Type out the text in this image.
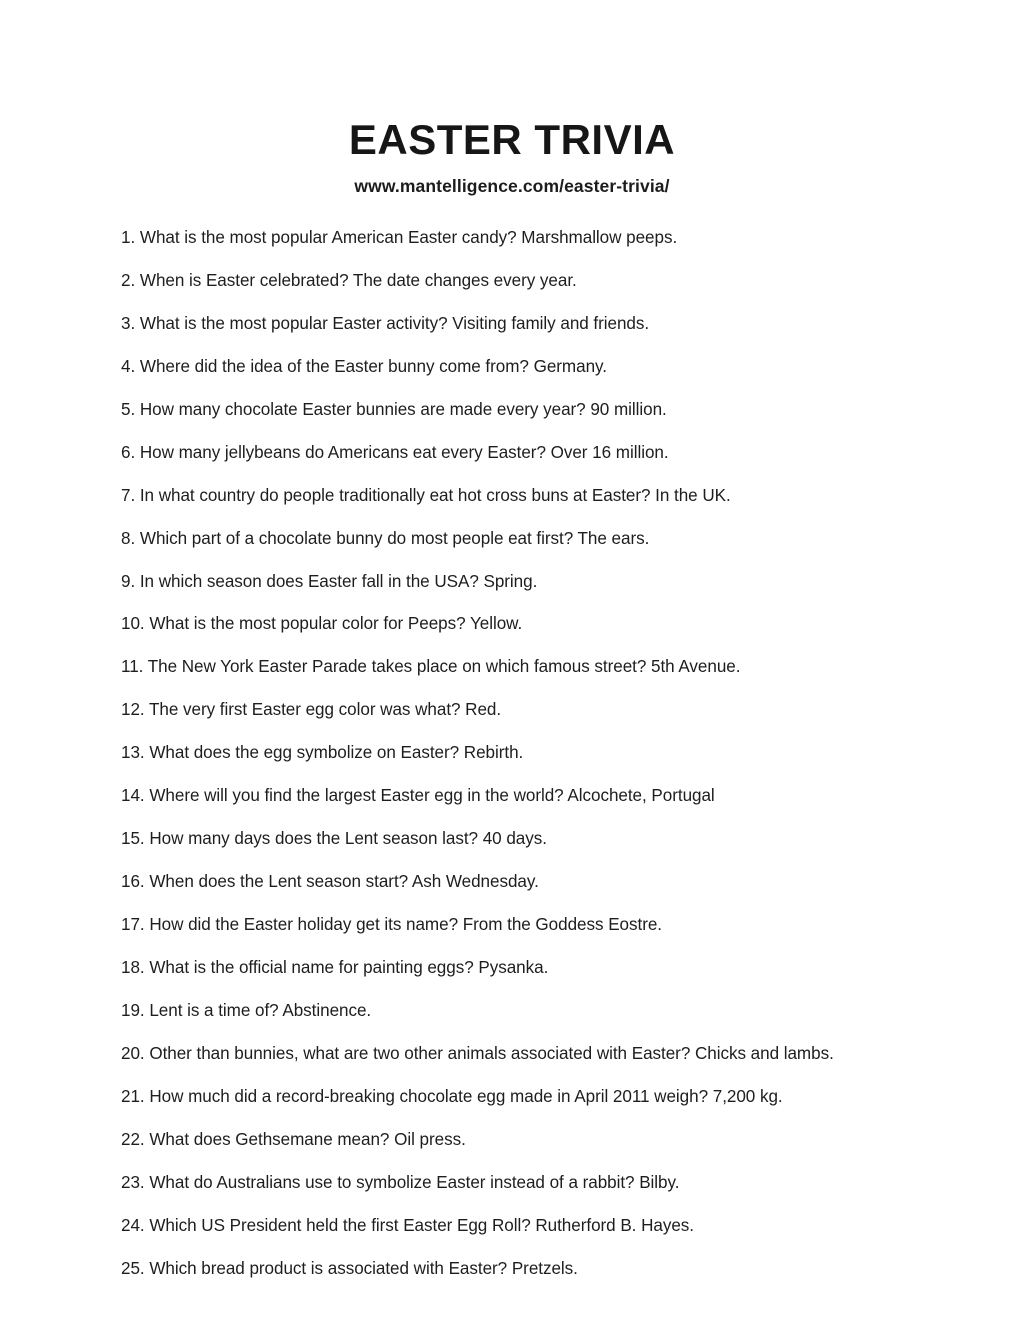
EASTER TRIVIA
www.mantelligence.com/easter-trivia/
1. What is the most popular American Easter candy? Marshmallow peeps.
2. When is Easter celebrated? The date changes every year.
3. What is the most popular Easter activity? Visiting family and friends.
4. Where did the idea of the Easter bunny come from? Germany.
5. How many chocolate Easter bunnies are made every year? 90 million.
6. How many jellybeans do Americans eat every Easter? Over 16 million.
7. In what country do people traditionally eat hot cross buns at Easter? In the UK.
8. Which part of a chocolate bunny do most people eat first? The ears.
9. In which season does Easter fall in the USA? Spring.
10. What is the most popular color for Peeps? Yellow.
11. The New York Easter Parade takes place on which famous street? 5th Avenue.
12. The very first Easter egg color was what? Red.
13. What does the egg symbolize on Easter? Rebirth.
14. Where will you find the largest Easter egg in the world? Alcochete, Portugal
15. How many days does the Lent season last? 40 days.
16. When does the Lent season start? Ash Wednesday.
17. How did the Easter holiday get its name? From the Goddess Eostre.
18. What is the official name for painting eggs? Pysanka.
19. Lent is a time of? Abstinence.
20. Other than bunnies, what are two other animals associated with Easter? Chicks and lambs.
21. How much did a record-breaking chocolate egg made in April 2011 weigh? 7,200 kg.
22. What does Gethsemane mean? Oil press.
23. What do Australians use to symbolize Easter instead of a rabbit? Bilby.
24. Which US President held the first Easter Egg Roll? Rutherford B. Hayes.
25. Which bread product is associated with Easter? Pretzels.
